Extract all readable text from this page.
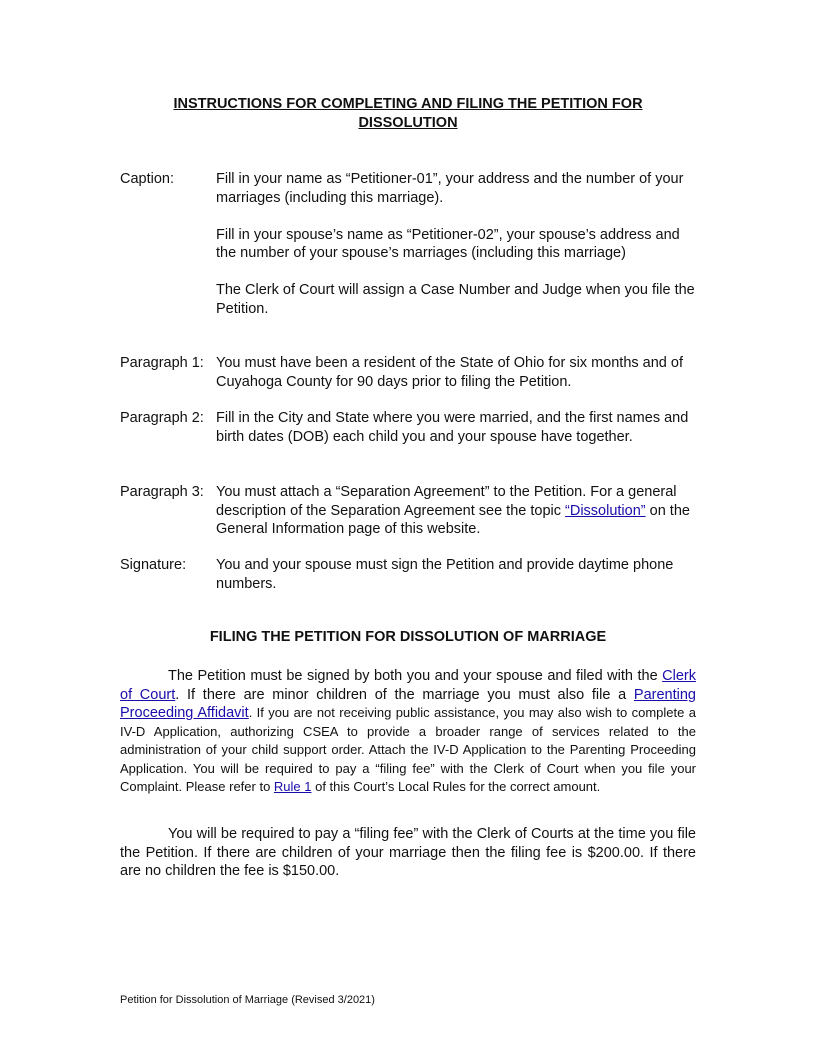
INSTRUCTIONS FOR COMPLETING AND FILING THE PETITION FOR
DISSOLUTION
Caption:	Fill in your name as “Petitioner-01”, your address and the number of your marriages (including this marriage).

Fill in your spouse’s name as “Petitioner-02”, your spouse’s address and the number of your spouse’s marriages (including this marriage)

The Clerk of Court will assign a Case Number and Judge when you file the Petition.

Paragraph 1: You must have been a resident of the State of Ohio for six months and of Cuyahoga County for 90 days prior to filing the Petition.

Paragraph 2: Fill in the City and State where you were married, and the first names and birth dates (DOB) each child you and your spouse have together.

Paragraph 3: You must attach a “Separation Agreement” to the Petition. For a general description of the Separation Agreement see the topic “Dissolution” on the General Information page of this website.

Signature: You and your spouse must sign the Petition and provide daytime phone numbers.

FILING THE PETITION FOR DISSOLUTION OF MARRIAGE
The Petition must be signed by both you and your spouse and filed with the Clerk of Court. If there are minor children of the marriage you must also file a Parenting Proceeding Affidavit. If you are not receiving public assistance, you may also wish to complete a IV-D Application, authorizing CSEA to provide a broader range of services related to the administration of your child support order. Attach the IV-D Application to the Parenting Proceeding Application. You will be required to pay a “filing fee” with the Clerk of Court when you file your Complaint. Please refer to Rule 1 of this Court’s Local Rules for the correct amount.
You will be required to pay a “filing fee” with the Clerk of Courts at the time you file the Petition. If there are children of your marriage then the filing fee is $200.00. If there are no children the fee is $150.00.
Petition for Dissolution of Marriage (Revised 3/2021)
